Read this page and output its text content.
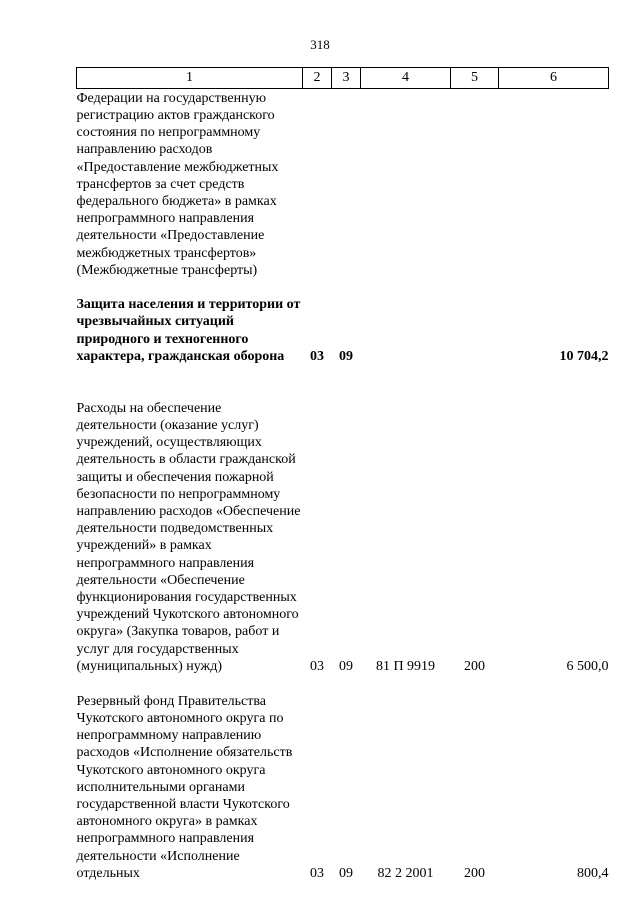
318
1	2	3	4	5	6
Федерации на государственную регистрацию актов гражданского состояния по непрограммному направлению расходов «Предоставление межбюджетных трансфертов за счет средств федерального бюджета» в рамках непрограммного направления деятельности «Предоставление межбюджетных трансфертов» (Межбюджетные трансферты)					
Защита населения и территории от чрезвычайных ситуаций природного и техногенного характера, гражданская оборона	03	09			10 704,2
Расходы на обеспечение деятельности (оказание услуг) учреждений, осуществляющих деятельность в области гражданской защиты и обеспечения пожарной безопасности по непрограммному направлению расходов «Обеспечение деятельности подведомственных учреждений» в рамках непрограммного направления деятельности «Обеспечение функционирования государственных учреждений Чукотского автономного округа» (Закупка товаров, работ и услуг для государственных (муниципальных) нужд)	03	09	81 П 9919	200	6 500,0
Резервный фонд Правительства Чукотского автономного округа по непрограммному направлению расходов «Исполнение обязательств Чукотского автономного округа исполнительными органами государственной власти Чукотского автономного округа» в рамках непрограммного направления деятельности «Исполнение отдельных	03	09	82 2 2001	200	800,4
